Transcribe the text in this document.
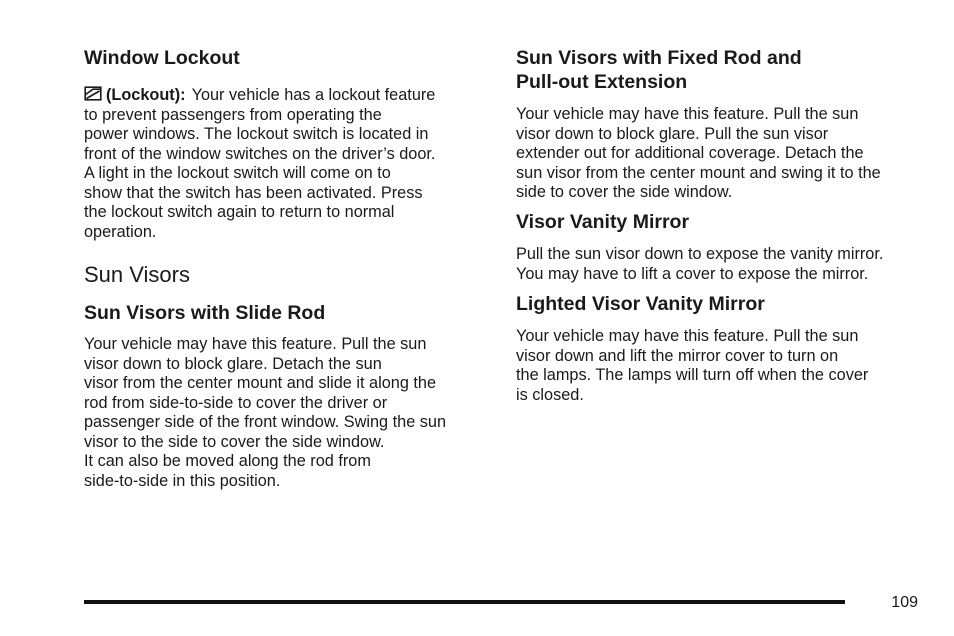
Window Lockout
(Lockout): Your vehicle has a lockout feature
to prevent passengers from operating the
power windows. The lockout switch is located in
front of the window switches on the driver’s door.
A light in the lockout switch will come on to
show that the switch has been activated. Press
the lockout switch again to return to normal
operation.
Sun Visors
Sun Visors with Slide Rod
Your vehicle may have this feature. Pull the sun
visor down to block glare. Detach the sun
visor from the center mount and slide it along the
rod from side-to-side to cover the driver or
passenger side of the front window. Swing the sun
visor to the side to cover the side window.
It can also be moved along the rod from
side-to-side in this position.
Sun Visors with Fixed Rod and
Pull-out Extension
Your vehicle may have this feature. Pull the sun
visor down to block glare. Pull the sun visor
extender out for additional coverage. Detach the
sun visor from the center mount and swing it to the
side to cover the side window.
Visor Vanity Mirror
Pull the sun visor down to expose the vanity mirror.
You may have to lift a cover to expose the mirror.
Lighted Visor Vanity Mirror
Your vehicle may have this feature. Pull the sun
visor down and lift the mirror cover to turn on
the lamps. The lamps will turn off when the cover
is closed.
109
